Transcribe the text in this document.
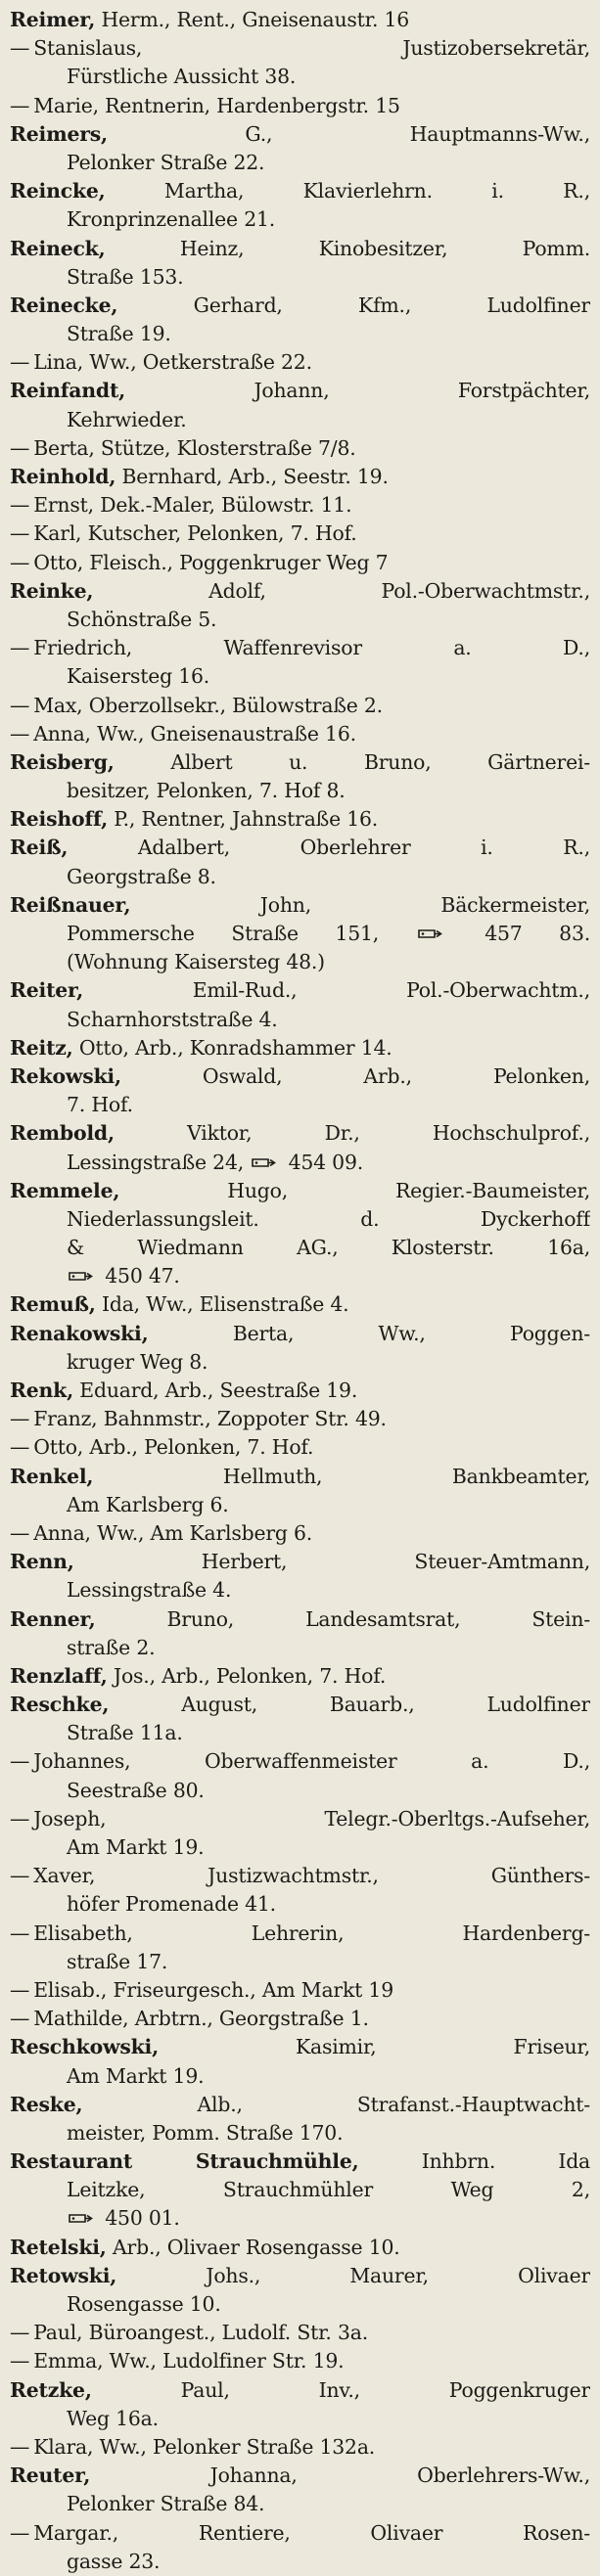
Reimer, Herm., Rent., Gneisenaustr. 16
— Stanislaus, Justizobersekretär,
Fürstliche Aussicht 38.
— Marie, Rentnerin, Hardenbergstr. 15
Reimers,	G., Hauptmanns-Ww.,
Pelonker Straße 22.
Reincke,	Martha, Klavierlehrn. i. R.,
Kronprinzenallee 21.
Reineck,	Heinz, Kinobesitzer, Pomm.
Straße 153.
Reinecke,	Gerhard, Kfm., Ludolfiner
Straße 19.
— Lina, Ww., Oetkerstraße 22.
Reinfandt,	Johann, Forstpächter,
Kehrwieder.
— Berta, Stütze, Klosterstraße 7/8.
Reinhold, Bernhard, Arb., Seestr. 19.
— Ernst, Dek.-Maler, Bülowstr. 11.
— Karl, Kutscher, Pelonken, 7. Hof.
— Otto, Fleisch., Poggenkruger Weg 7
Reinke,	Adolf, Pol.-Oberwachtmstr.,
Schönstraße 5.
— Friedrich, Waffenrevisor a. D.,
Kaisersteg 16.
— Max, Oberzollsekr., Bülowstraße 2.
— Anna, Ww., Gneisenaustraße 16.
Reisberg,	Albert u. Bruno, Gärtnerei-
besitzer, Pelonken, 7. Hof 8.
Reishoff, P., Rentner, Jahnstraße 16.
Reiß,	Adalbert, Oberlehrer i. R.,
Georgstraße 8.
Reißnauer,	John, Bäckermeister,
Pommersche Straße 151,  457 83.
(Wohnung Kaisersteg 48.)
Reiter,	Emil-Rud., Pol.-Oberwachtm.,
Scharnhorststraße 4.
Reitz, Otto, Arb., Konradshammer 14.
Rekowski,	Oswald, Arb., Pelonken,
7. Hof.
Rembold,	Viktor, Dr., Hochschulprof.,
Lessingstraße 24,  454 09.
Remmele,	Hugo, Regier.-Baumeister,
Niederlassungsleit. d. Dyckerhoff
& Wiedmann AG., Klosterstr. 16a,
450 47.
Remuß, Ida, Ww., Elisenstraße 4.
Renakowski,	Berta, Ww., Poggen-
kruger Weg 8.
Renk, Eduard, Arb., Seestraße 19.
— Franz, Bahnmstr., Zoppoter Str. 49.
— Otto, Arb., Pelonken, 7. Hof.
Renkel,	Hellmuth, Bankbeamter,
Am Karlsberg 6.
— Anna, Ww., Am Karlsberg 6.
Renn,	Herbert, Steuer-Amtmann,
Lessingstraße 4.
Renner,	Bruno, Landesamtsrat, Stein-
straße 2.
Renzlaff, Jos., Arb., Pelonken, 7. Hof.
Reschke,	August, Bauarb., Ludolfiner
Straße 11a.
— Johannes, Oberwaffenmeister a. D.,
Seestraße 80.
— Joseph, Telegr.-Oberltgs.-Aufseher,
Am Markt 19.
— Xaver, Justizwachtmstr., Günthers-
höfer Promenade 41.
— Elisabeth, Lehrerin, Hardenberg-
straße 17.
— Elisab., Friseurgesch., Am Markt 19
— Mathilde, Arbtrn., Georgstraße 1.
Reschkowski,	Kasimir, Friseur,
Am Markt 19.
Reske,	Alb., Strafanst.-Hauptwacht-
meister, Pomm. Straße 170.
Restaurant Strauchmühle,	Inhbrn. Ida
Leitzke, Strauchmühler Weg 2,
450 01.
Retelski, Arb., Olivaer Rosengasse 10.
Retowski,	Johs., Maurer, Olivaer
Rosengasse 10.
— Paul, Büroangest., Ludolf. Str. 3a.
— Emma, Ww., Ludolfiner Str. 19.
Retzke,	Paul, Inv., Poggenkruger
Weg 16a.
— Klara, Ww., Pelonker Straße 132a.
Reuter,	Johanna, Oberlehrers-Ww.,
Pelonker Straße 84.
— Margar., Rentiere, Olivaer Rosen-
gasse 23.
